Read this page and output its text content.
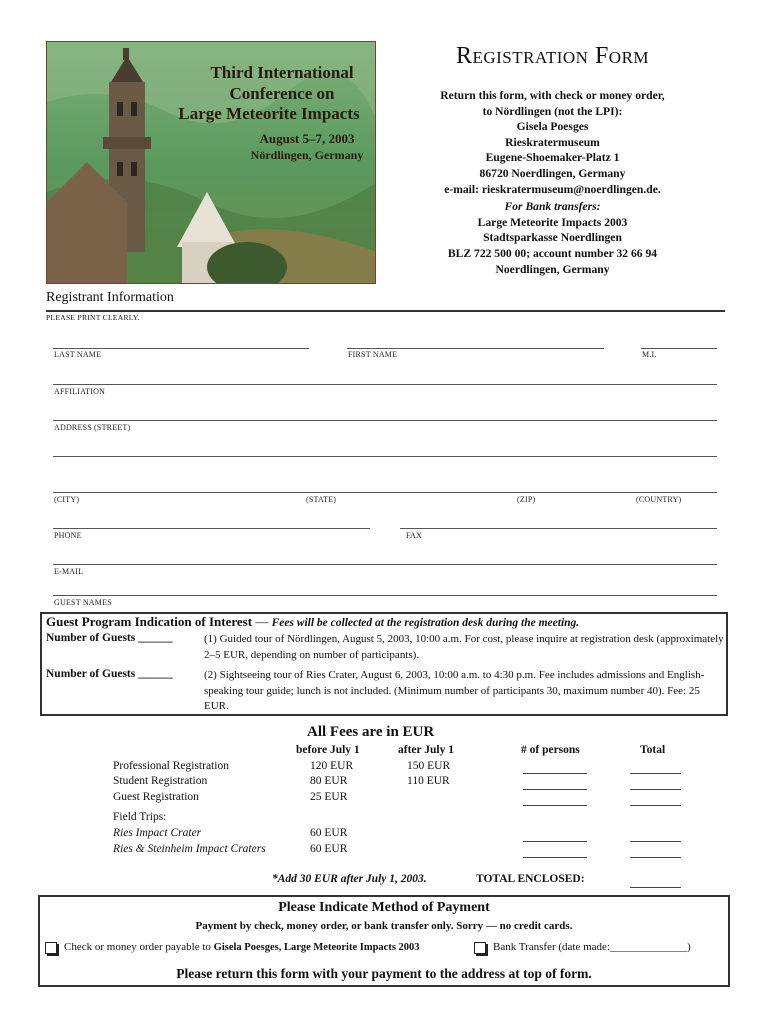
Third International
Conference on
Large Meteorite Impacts
August 5–7, 2003
Nördlingen, Germany
Registration Form
Return this form, with check or money order,
to Nördlingen (not the LPI):
Gisela Poesges
Rieskratermuseum
Eugene-Shoemaker-Platz 1
86720 Noerdlingen, Germany
e-mail: rieskratermuseum@noerdlingen.de.
For Bank transfers:
Large Meteorite Impacts 2003
Stadtsparkasse Noerdlingen
BLZ 722 500 00; account number 32 66 94
Noerdlingen, Germany
Registrant Information
PLEASE PRINT CLEARLY.
LAST NAME	FIRST NAME	M.I.
AFFILIATION
ADDRESS (STREET)
(CITY)	(STATE)	(ZIP)	(COUNTRY)
PHONE	FAX
E-MAIL
GUEST NAMES
Guest Program Indication of Interest — Fees will be collected at the registration desk during the meeting.
Number of Guests ______	(1) Guided tour of Nördlingen, August 5, 2003, 10:00 a.m. For cost, please inquire at registration desk (approximately 2–5 EUR, depending on number of participants).
Number of Guests ______	(2) Sightseeing tour of Ries Crater, August 6, 2003, 10:00 a.m. to 4:30 p.m. Fee includes admissions and English-speaking tour guide; lunch is not included. (Minimum number of participants 30, maximum number 40). Fee: 25 EUR.
All Fees are in EUR
before July 1	after July 1	# of persons	Total
Professional Registration	120 EUR	150 EUR
Student Registration	80 EUR	110 EUR
Guest Registration	25 EUR
Field Trips:
Ries Impact Crater	60 EUR
Ries & Steinheim Impact Craters	60 EUR
*Add 30 EUR after July 1, 2003.	TOTAL ENCLOSED:
Please Indicate Method of Payment
Payment by check, money order, or bank transfer only. Sorry — no credit cards.
Check or money order payable to Gisela Poesges, Large Meteorite Impacts 2003	Bank Transfer (date made:______________)
Please return this form with your payment to the address at top of form.
